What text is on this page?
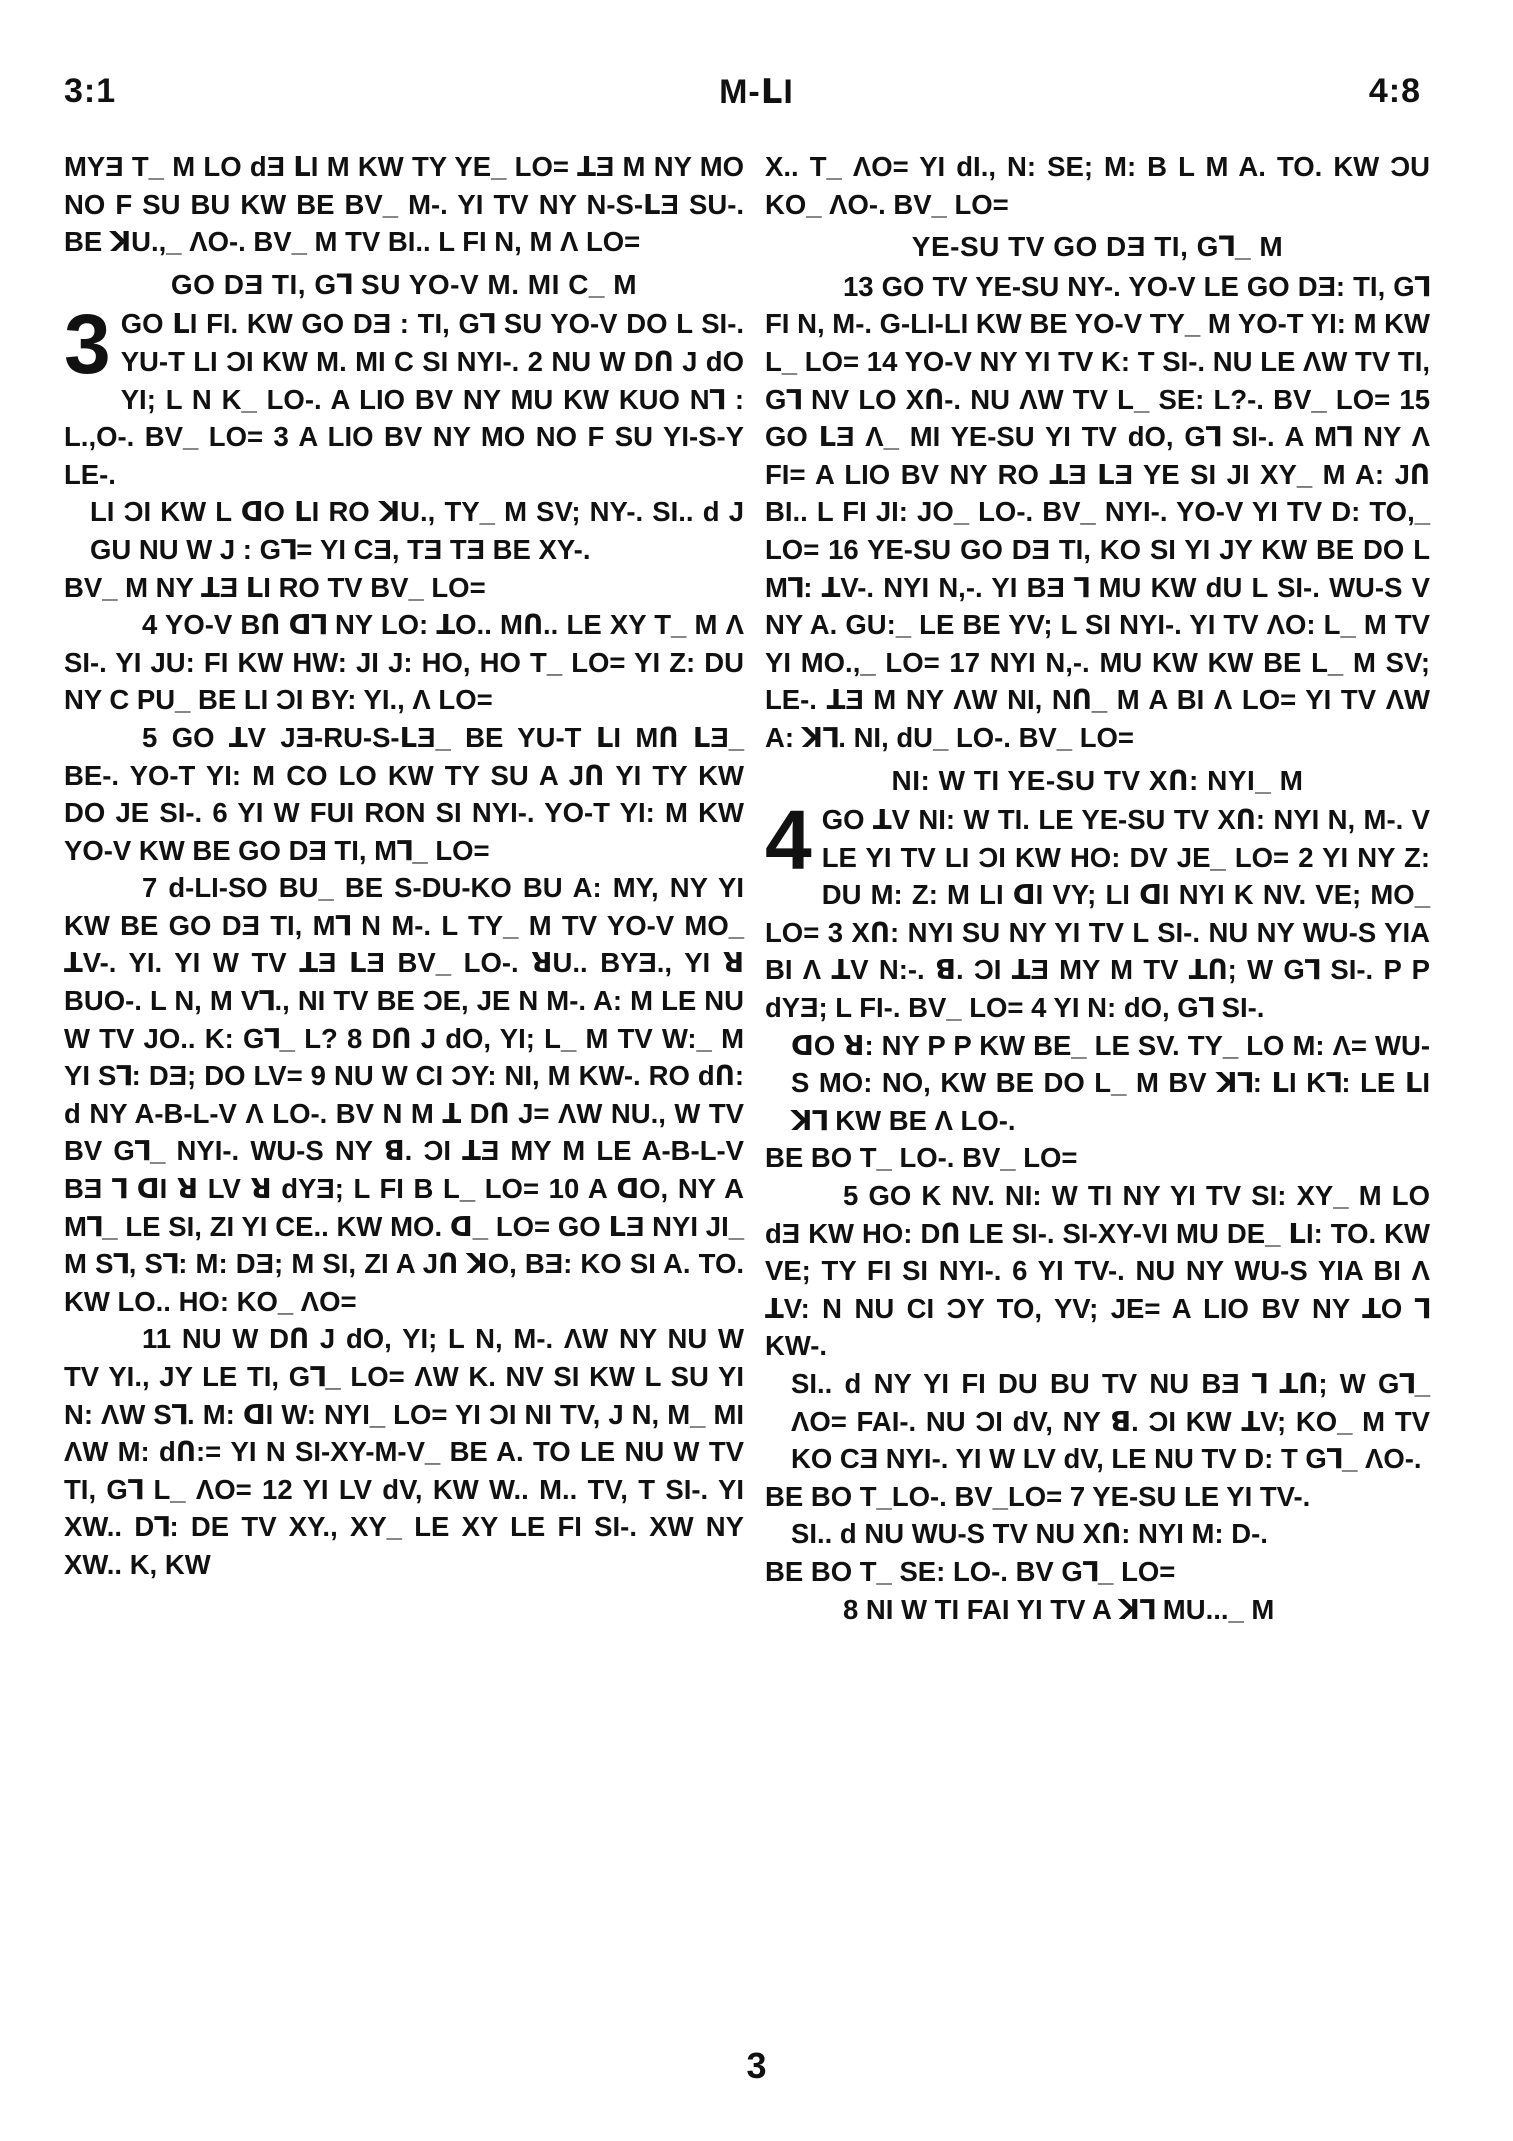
3:1	M-ꓡI	4:8
MYƎ T_ M LO dƎ ꓡI M KW TY YE_ LO= ꓕƎ M NY MO NO F SU BU KW BE BV_ M-. YI TV NY N-S-ꓡƎ SU-. BE ꓘU.,_ ΛO-. BV_ M TV BI.. L FI N, M Λ LO=
GO DƎ TI, Gꓶ SU YO-V M. MI C_ M
3 GO ꓡI FI. KW GO DƎ : TI, Gꓶ SU YO-V DO L SI-. YU-T LI ϽI KW M. MI C SI NYI-. 2 NU W DՈ J dO YI; L N K_ LO-. A LIO BV NY MU KW KUO Nꓶ : L.,O-. BV_ LO= 3 A LIO BV NY MO NO F SU YI-S-Y LE-.
LI ϽI KW L ꓷO ꓡI RO ꓘU., TY_ M SV; NY-. SI.. d J GU NU W J : Gꓶ= YI CƎ, TƎ TƎ BE XY-.
BV_ M NY ꓕƎ ꓡI RO TV BV_ LO=
4 YO-V BՈ ꓷꓶ NY LO: ꓕO.. MՈ.. LE XY T_ M Λ SI-. YI JU: FI KW HW: JI J: HO, HO T_ LO= YI Z: DU NY C PU_ BE LI ϽI BY: YI., Λ LO=
5 GO ꓕV JƎ-RU-S-ꓡƎ_ BE YU-T ꓡI MՈ ꓡƎ_ BE-. YO-T YI: M CO LO KW TY SU A JՈ YI TY KW DO JE SI-. 6 YI W FUI RON SI NYI-. YO-T YI: M KW YO-V KW BE GO DƎ TI, Mꓶ_ LO=
7 d-LI-SO BU_ BE S-DU-KO BU A: MY, NY YI KW BE GO DƎ TI, Mꓶ N M-. L TY_ M TV YO-V MO_ ꓕV-. YI. YI W TV ꓕƎ ꓡƎ BV_ LO-. ꓤU.. BYƎ., YI ꓤ BUO-. L N, M Vꓶ., NI TV BE ϽE, JE N M-. A: M LE NU W TV JO.. K: Gꓶ_ L? 8 DՈ J dO, YI; L_ M TV W:_ M YI Sꓶ: DƎ; DO LV= 9 NU W CI ϽY: NI, M KW-. RO dՈ: d NY A-B-L-V Λ LO-. BV N M ꓕ DՈ J= ΛW NU., W TV BV Gꓶ_ NYI-. WU-S NY ꓭ. ϽI ꓕƎ MY M LE A-B-L-V BƎ ꓶ ꓷI ꓤ LV ꓤ dYƎ; L FI B L_ LO= 10 A ꓷO, NY A Mꓶ_ LE SI, ZI YI CE.. KW MO. ꓷ_ LO= GO ꓡƎ NYI JI_ M Sꓶ, Sꓶ: M: DƎ; M SI, ZI A JՈ ꓘO, BƎ: KO SI A. TO. KW LO.. HO: KO_ ΛO=
11 NU W DՈ J dO, YI; L N, M-. ΛW NY NU W TV YI., JY LE TI, Gꓶ_ LO= ΛW K. NV SI KW L SU YI N: ΛW Sꓶ. M: ꓷI W: NYI_ LO= YI ϽI NI TV, J N, M_ MI ΛW M: dՈ:= YI N SI-XY-M-V_ BE A. TO LE NU W TV TI, Gꓶ L_ ΛO= 12 YI LV dV, KW W.. M.. TV, T SI-. YI XW.. Dꓶ: DE TV XY., XY_ LE XY LE FI SI-. XW NY XW.. K, KW
X.. T_ ΛO= YI dI., N: SE; M: B L M A. TO. KW ϽU KO_ ΛO-. BV_ LO=
YE-SU TV GO DƎ TI, Gꓶ_ M
13 GO TV YE-SU NY-. YO-V LE GO DƎ: TI, Gꓶ FI N, M-. G-LI-LI KW BE YO-V TY_ M YO-T YI: M KW L_ LO= 14 YO-V NY YI TV K: T SI-. NU LE ΛW TV TI, Gꓶ NV LO XՈ-. NU ΛW TV L_ SE: L?-. BV_ LO= 15 GO ꓡƎ Λ_ MI YE-SU YI TV dO, Gꓶ SI-. A Mꓶ NY Λ FI= A LIO BV NY RO ꓕƎ ꓡƎ YE SI JI XY_ M A: JՈ BI.. L FI JI: JO_ LO-. BV_ NYI-. YO-V YI TV D: TO,_ LO= 16 YE-SU GO DƎ TI, KO SI YI JY KW BE DO L Mꓶ: ꓕV-. NYI N,-. YI BƎ ꓶ MU KW dU L SI-. WU-S V NY A. GU:_ LE BE YV; L SI NYI-. YI TV ΛO: L_ M TV YI MO.,_ LO= 17 NYI N,-. MU KW KW BE L_ M SV; LE-. ꓕƎ M NY ΛW NI, NՈ_ M A BI Λ LO= YI TV ΛW A: ꓘꓶ. NI, dU_ LO-. BV_ LO=
NI: W TI YE-SU TV XՈ: NYI_ M
4 GO ꓕV NI: W TI. LE YE-SU TV XՈ: NYI N, M-. V LE YI TV LI ϽI KW HO: DV JE_ LO= 2 YI NY Z: DU M: Z: M LI ꓷI VY; LI ꓷI NYI K NV. VE; MO_ LO= 3 XՈ: NYI SU NY YI TV L SI-. NU NY WU-S YIA BI Λ ꓕV N:-. ꓭ. ϽI ꓕƎ MY M TV ꓕՈ; W Gꓶ SI-. P P dYƎ; L FI-. BV_ LO= 4 YI N: dO, Gꓶ SI-.
ꓷO ꓤ: NY P P KW BE_ LE SV. TY_ LO M: Λ= WU-S MO: NO, KW BE DO L_ M BV ꓘꓶ: ꓡI Kꓶ: LE ꓡI ꓘꓶ KW BE Λ LO-.
BE BO T_ LO-. BV_ LO=
5 GO K NV. NI: W TI NY YI TV SI: XY_ M LO dƎ KW HO: DՈ LE SI-. SI-XY-VI MU DE_ ꓡI: TO. KW VE; TY FI SI NYI-. 6 YI TV-. NU NY WU-S YIA BI Λ ꓕV: N NU CI ϽY TO, YV; JE= A LIO BV NY ꓕO ꓶ KW-.
SI.. d NY YI FI DU BU TV NU BƎ ꓶ ꓕՈ; W Gꓶ_ ΛO= FAI-. NU ϽI dV, NY ꓭ. ϽI KW ꓕV; KO_ M TV KO CƎ NYI-. YI W LV dV, LE NU TV D: T Gꓶ_ ΛO-.
BE BO T_LO-. BV_LO= 7 YE-SU LE YI TV-.
SI.. d NU WU-S TV NU XՈ: NYI M: D-.
BE BO T_ SE: LO-. BV Gꓶ_ LO=
8 NI W TI FAI YI TV A ꓘꓶ MU..._ M
3
